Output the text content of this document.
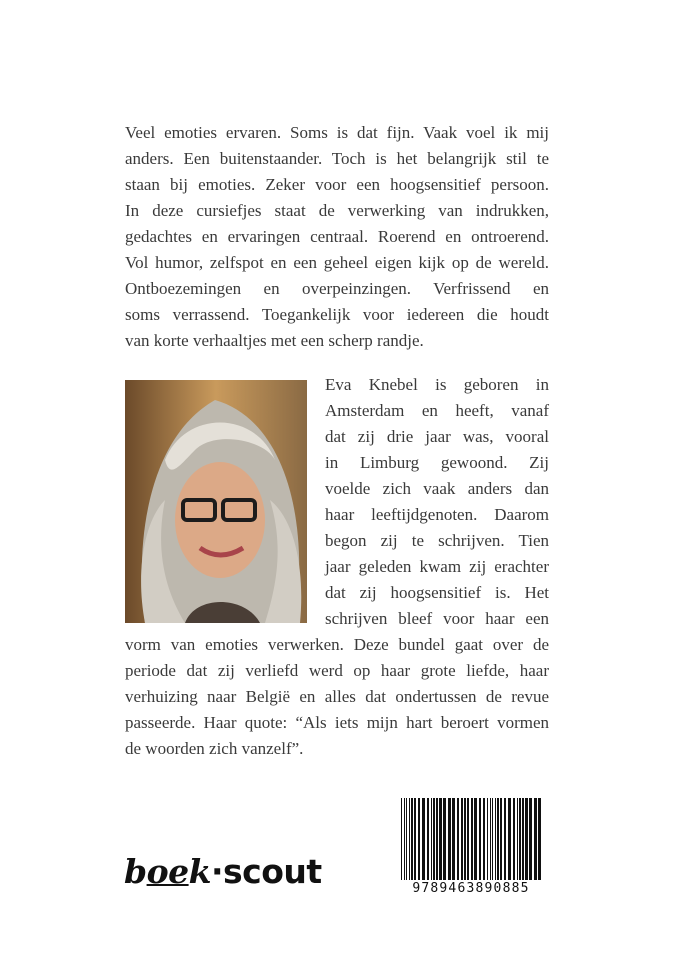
Veel emoties ervaren. Soms is dat fijn. Vaak voel ik mij
anders. Een buitenstaander. Toch is het belangrijk stil te
staan bij emoties. Zeker voor een hoogsensitief persoon.
In deze cursiefjes staat de verwerking van indrukken,
gedachtes en ervaringen centraal. Roerend en ontroerend.
Vol humor, zelfspot en een geheel eigen kijk op de wereld.
Ontboezemingen en overpeinzingen. Verfrissend en
soms verrassend. Toegankelijk voor iedereen die houdt
van korte verhaaltjes met een scherp randje.
Eva Knebel is geboren in
Amsterdam en heeft, vanaf
dat zij drie jaar was, vooral
in Limburg gewoond. Zij
voelde zich vaak anders dan
haar leeftijdgenoten. Daarom
begon zij te schrijven. Tien
jaar geleden kwam zij erachter
dat zij hoogsensitief is. Het
schrijven bleef voor haar een
vorm van emoties verwerken. Deze bundel gaat over de
periode dat zij verliefd werd op haar grote liefde, haar
verhuizing naar België en alles dat ondertussen de revue
passeerde. Haar quote: “Als iets mijn hart beroert vormen
de woorden zich vanzelf”.
boek·scout	9789463890885
